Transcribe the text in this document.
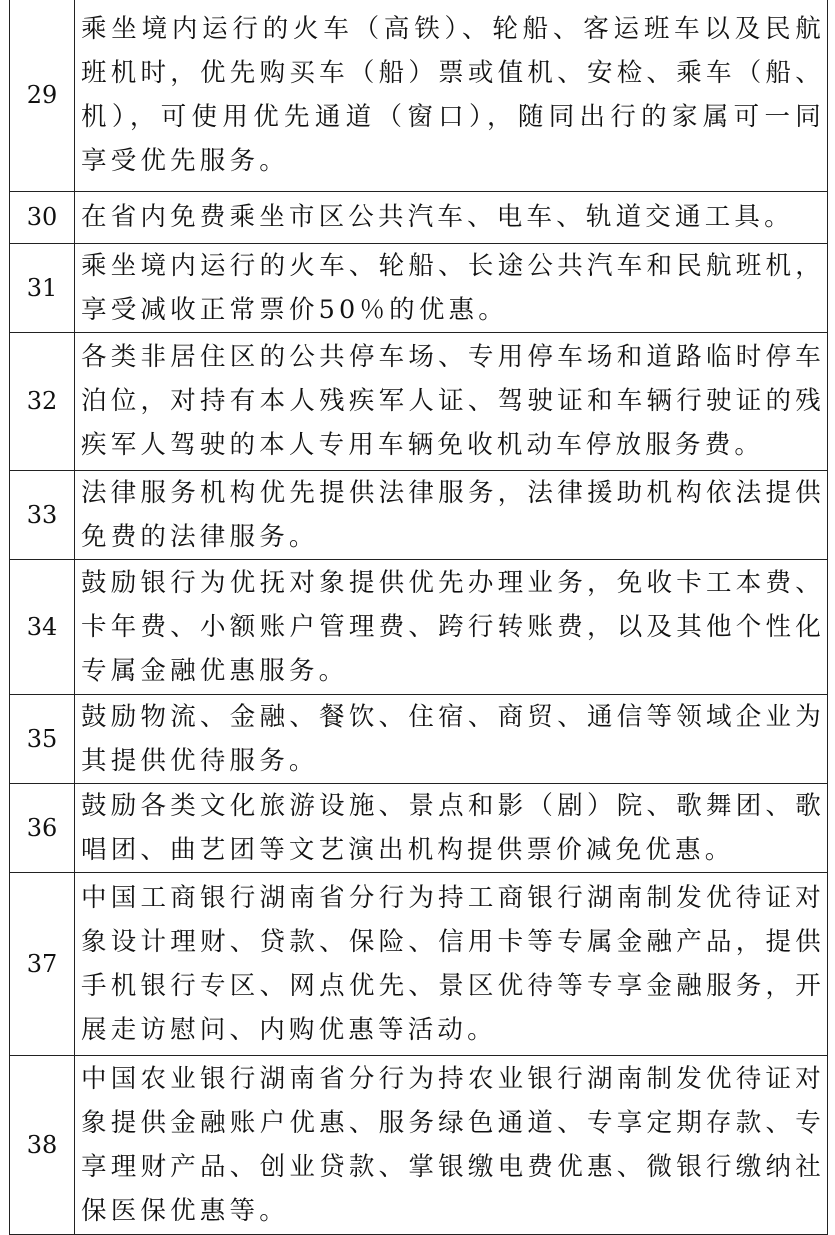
29	乘坐境内运行的火车（高铁）、轮船、客运班车以及民航班机时，优先购买车（船）票或值机、安检、乘车（船、机），可使用优先通道（窗口），随同出行的家属可一同享受优先服务。
30	在省内免费乘坐市区公共汽车、电车、轨道交通工具。
31	乘坐境内运行的火车、轮船、长途公共汽车和民航班机，享受减收正常票价50％的优惠。
32	各类非居住区的公共停车场、专用停车场和道路临时停车泊位，对持有本人残疾军人证、驾驶证和车辆行驶证的残疾军人驾驶的本人专用车辆免收机动车停放服务费。
33	法律服务机构优先提供法律服务，法律援助机构依法提供免费的法律服务。
34	鼓励银行为优抚对象提供优先办理业务，免收卡工本费、卡年费、小额账户管理费、跨行转账费，以及其他个性化专属金融优惠服务。
35	鼓励物流、金融、餐饮、住宿、商贸、通信等领域企业为其提供优待服务。
36	鼓励各类文化旅游设施、景点和影（剧）院、歌舞团、歌唱团、曲艺团等文艺演出机构提供票价减免优惠。
37	中国工商银行湖南省分行为持工商银行湖南制发优待证对象设计理财、贷款、保险、信用卡等专属金融产品，提供手机银行专区、网点优先、景区优待等专享金融服务，开展走访慰问、内购优惠等活动。
38	中国农业银行湖南省分行为持农业银行湖南制发优待证对象提供金融账户优惠、服务绿色通道、专享定期存款、专享理财产品、创业贷款、掌银缴电费优惠、微银行缴纳社保医保优惠等。
